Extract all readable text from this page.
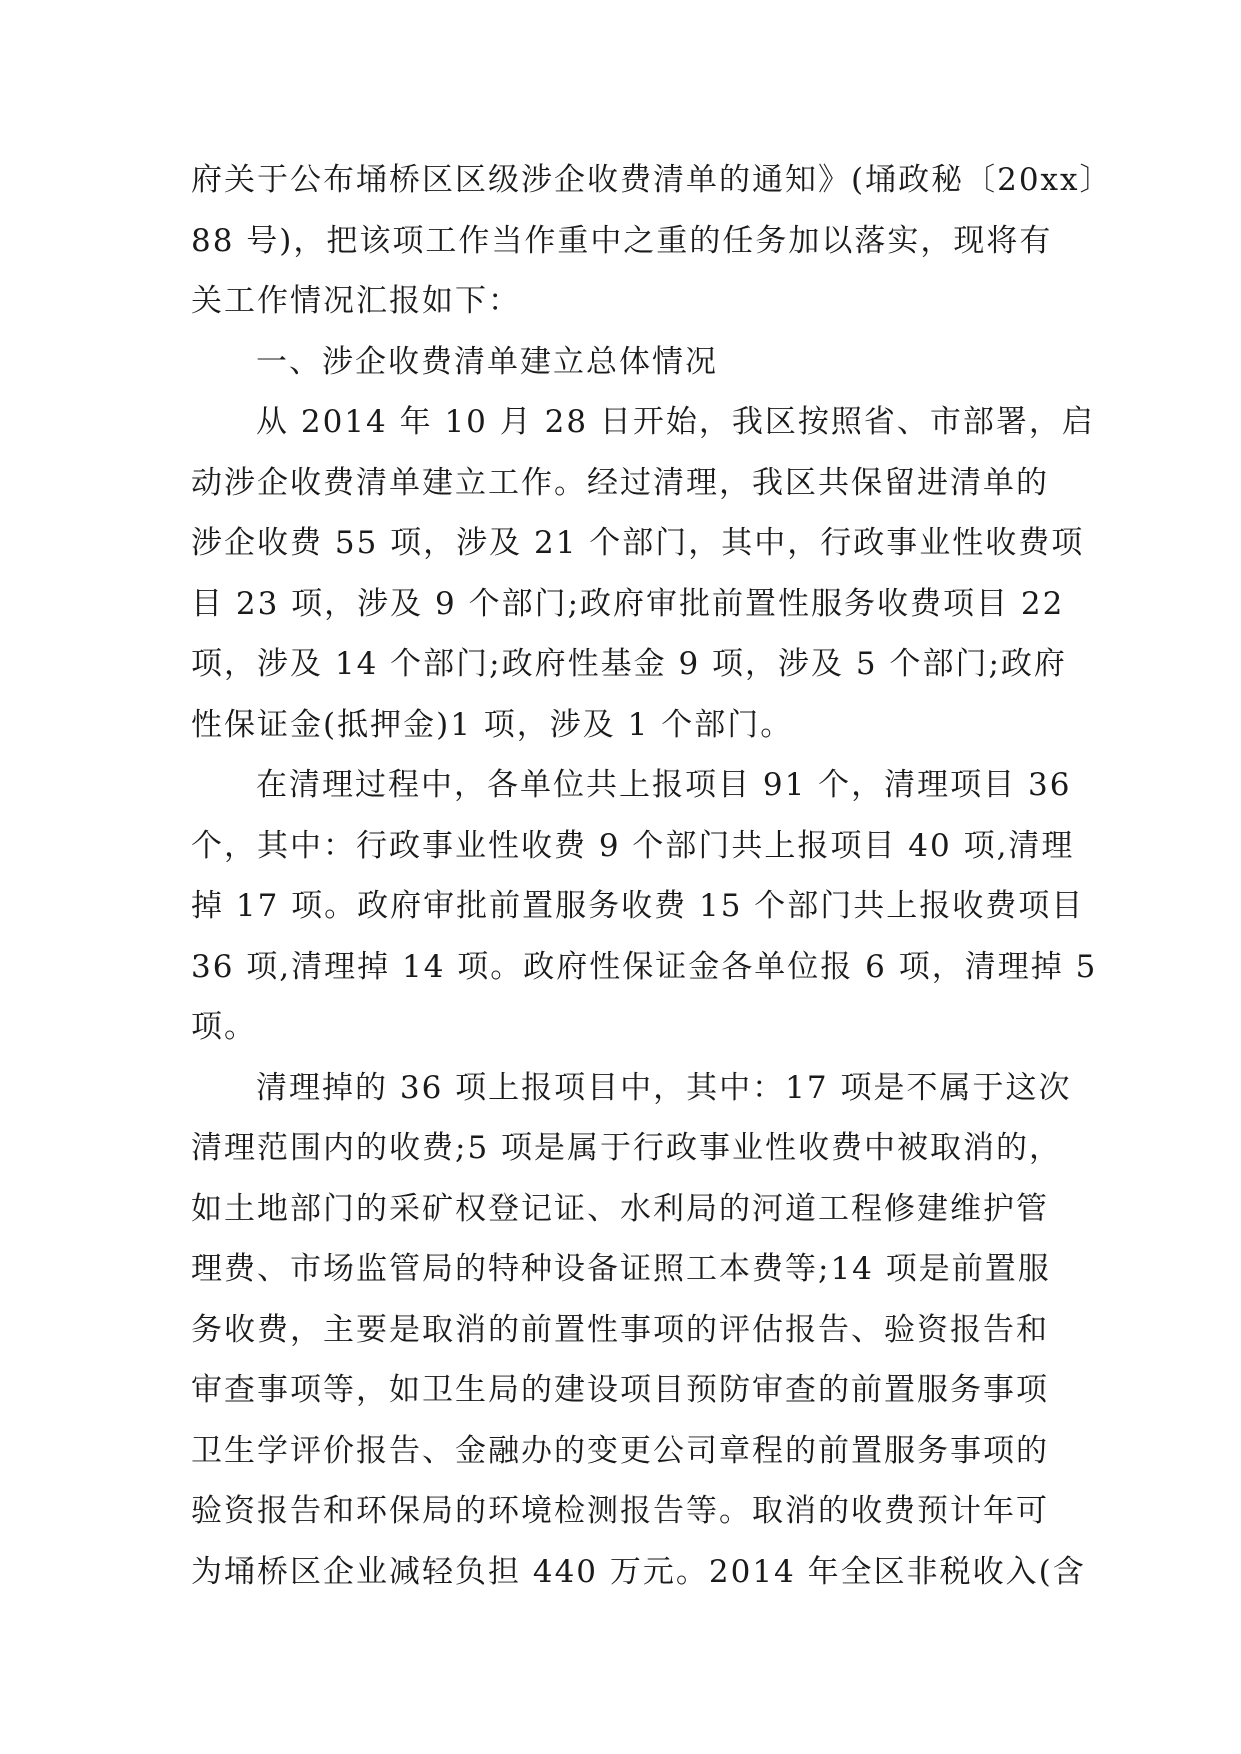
府关于公布埇桥区区级涉企收费清单的通知》(埇政秘〔20xx〕
88 号)，把该项工作当作重中之重的任务加以落实，现将有
关工作情况汇报如下：
一、涉企收费清单建立总体情况
从 2014 年 10 月 28 日开始，我区按照省、市部署，启
动涉企收费清单建立工作。经过清理，我区共保留进清单的
涉企收费 55 项，涉及 21 个部门，其中，行政事业性收费项
目 23 项，涉及 9 个部门;政府审批前置性服务收费项目 22
项，涉及 14 个部门;政府性基金 9 项，涉及 5 个部门;政府
性保证金(抵押金)1 项，涉及 1 个部门。
在清理过程中，各单位共上报项目 91 个，清理项目 36
个，其中：行政事业性收费 9 个部门共上报项目 40 项,清理
掉 17 项。政府审批前置服务收费 15 个部门共上报收费项目
36 项,清理掉 14 项。政府性保证金各单位报 6 项，清理掉 5
项。
清理掉的 36 项上报项目中，其中：17 项是不属于这次
清理范围内的收费;5 项是属于行政事业性收费中被取消的，
如土地部门的采矿权登记证、水利局的河道工程修建维护管
理费、市场监管局的特种设备证照工本费等;14 项是前置服
务收费，主要是取消的前置性事项的评估报告、验资报告和
审查事项等，如卫生局的建设项目预防审查的前置服务事项
卫生学评价报告、金融办的变更公司章程的前置服务事项的
验资报告和环保局的环境检测报告等。取消的收费预计年可
为埇桥区企业减轻负担 440 万元。2014 年全区非税收入(含
